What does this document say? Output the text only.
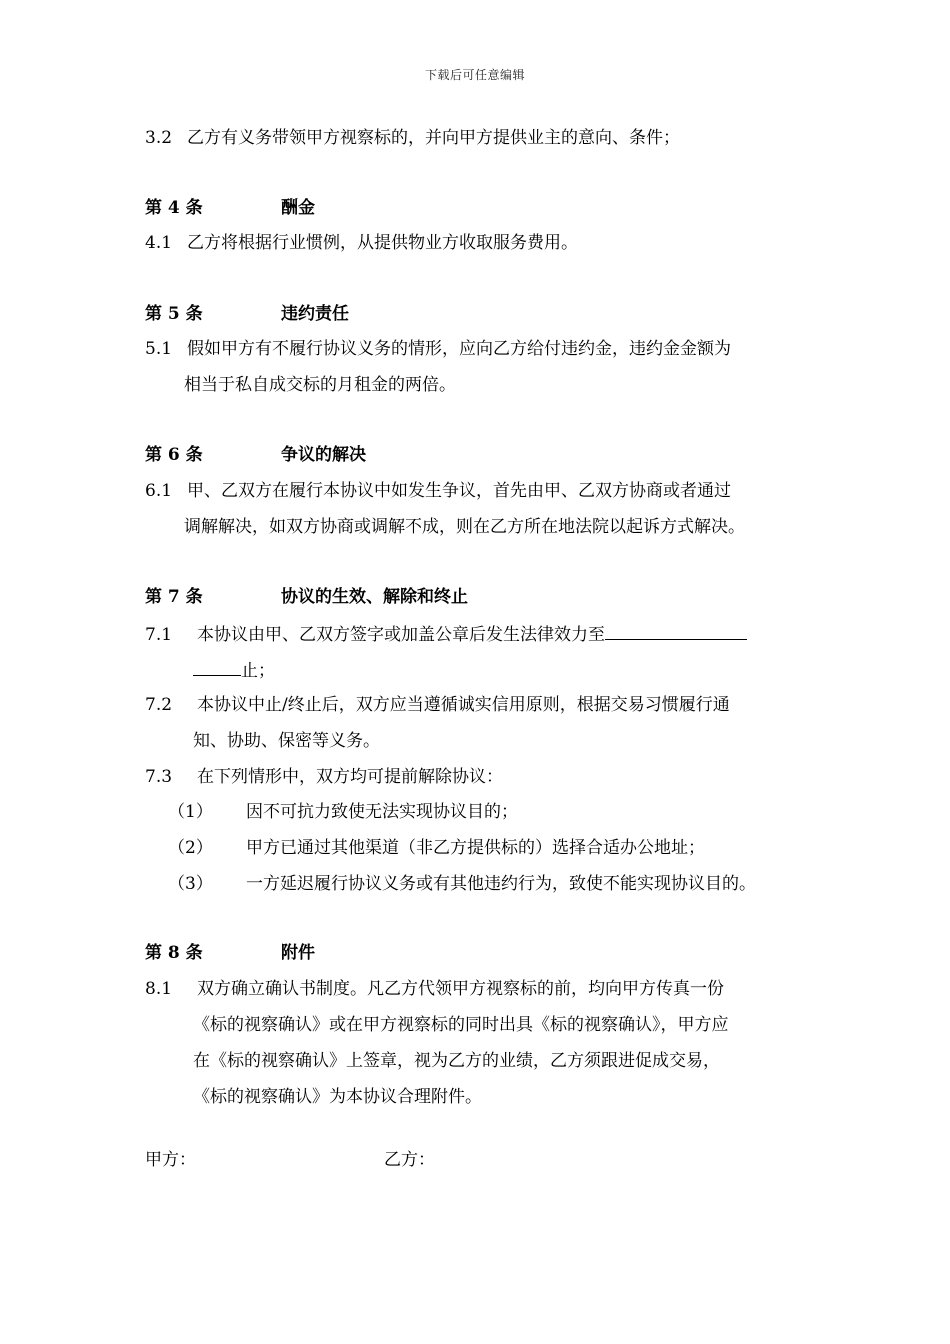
下载后可任意编辑
3.2 乙方有义务带领甲方视察标的，并向甲方提供业主的意向、条件；
第 4 条	酬金
4.1 乙方将根据行业惯例，从提供物业方收取服务费用。
第 5 条	违约责任
5.1 假如甲方有不履行协议义务的情形，应向乙方给付违约金，违约金金额为
相当于私自成交标的月租金的两倍。
第 6 条	争议的解决
6.1 甲、乙双方在履行本协议中如发生争议，首先由甲、乙双方协商或者通过
调解解决，如双方协商或调解不成，则在乙方所在地法院以起诉方式解决。
第 7 条	协议的生效、解除和终止
7.1 本协议由甲、乙双方签字或加盖公章后发生法律效力至
止；
7.2 本协议中止/终止后，双方应当遵循诚实信用原则，根据交易习惯履行通
知、协助、保密等义务。
7.3 在下列情形中，双方均可提前解除协议：
（1） 因不可抗力致使无法实现协议目的；
（2） 甲方已通过其他渠道（非乙方提供标的）选择合适办公地址；
（3） 一方延迟履行协议义务或有其他违约行为，致使不能实现协议目的。
第 8 条	附件
8.1 双方确立确认书制度。凡乙方代领甲方视察标的前，均向甲方传真一份
《标的视察确认》或在甲方视察标的同时出具《标的视察确认》，甲方应
在《标的视察确认》上签章，视为乙方的业绩，乙方须跟进促成交易，
《标的视察确认》为本协议合理附件。
甲方：	乙方：
